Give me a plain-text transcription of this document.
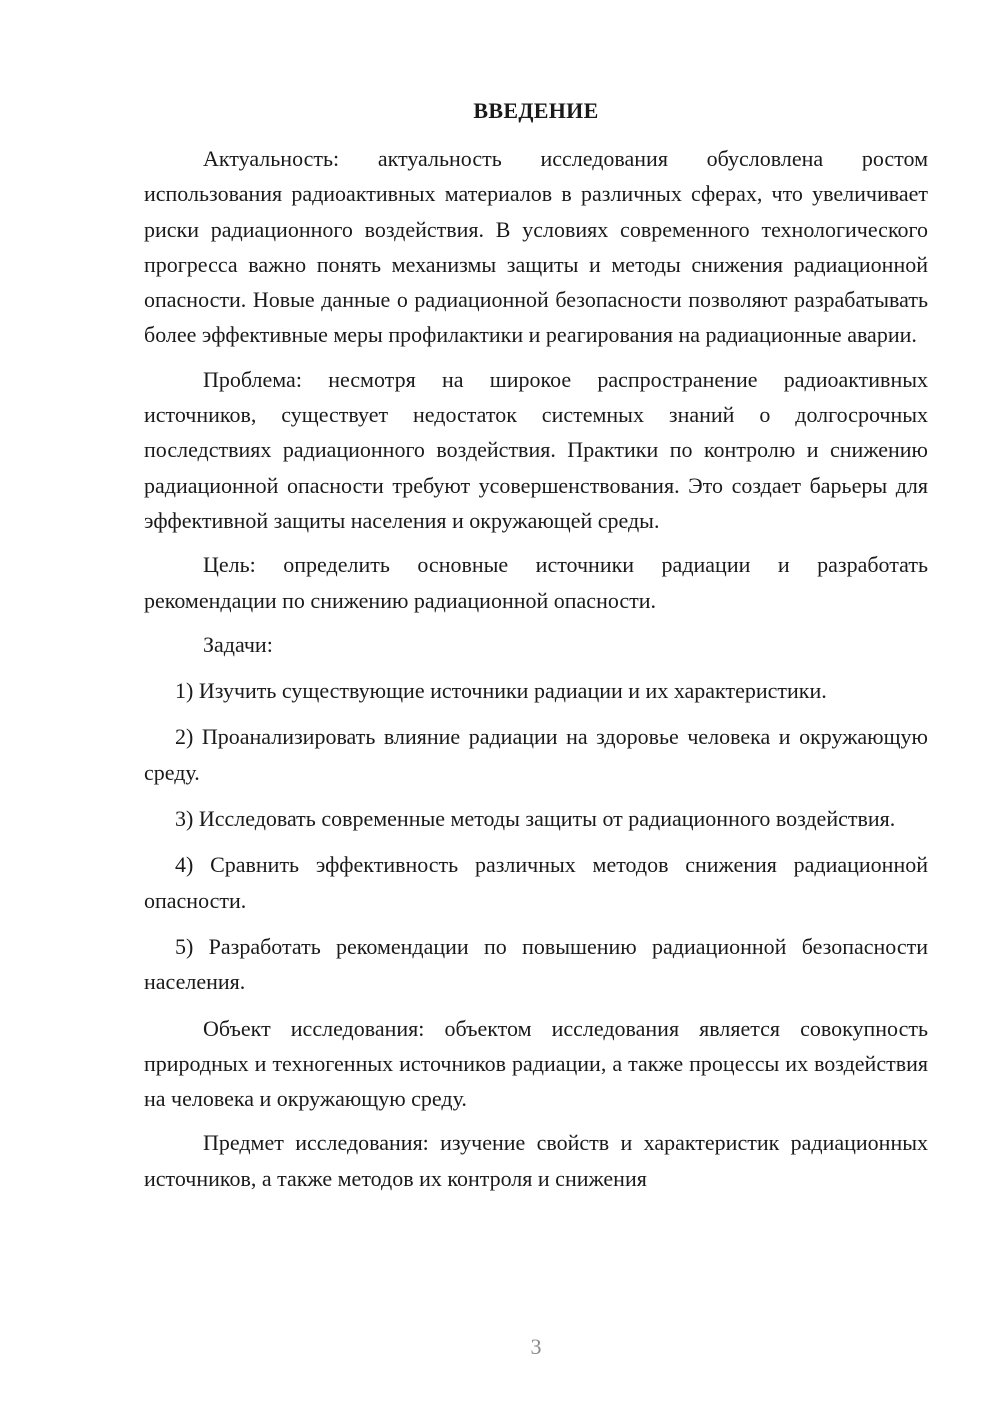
ВВЕДЕНИЕ

Актуальность: актуальность исследования обусловлена ростом использования радиоактивных материалов в различных сферах, что увеличивает риски радиационного воздействия. В условиях современного технологического прогресса важно понять механизмы защиты и методы снижения радиационной опасности. Новые данные о радиационной безопасности позволяют разрабатывать более эффективные меры профилактики и реагирования на радиационные аварии.

Проблема: несмотря на широкое распространение радиоактивных источников, существует недостаток системных знаний о долгосрочных последствиях радиационного воздействия. Практики по контролю и снижению радиационной опасности требуют усовершенствования. Это создает барьеры для эффективной защиты населения и окружающей среды.

Цель: определить основные источники радиации и разработать рекомендации по снижению радиационной опасности.

Задачи:

1) Изучить существующие источники радиации и их характеристики.

2) Проанализировать влияние радиации на здоровье человека и окружающую среду.

3) Исследовать современные методы защиты от радиационного воздействия.

4) Сравнить эффективность различных методов снижения радиационной опасности.

5) Разработать рекомендации по повышению радиационной безопасности населения.

Объект исследования: объектом исследования является совокупность природных и техногенных источников радиации, а также процессы их воздействия на человека и окружающую среду.

Предмет исследования: изучение свойств и характеристик радиационных источников, а также методов их контроля и снижения

3
